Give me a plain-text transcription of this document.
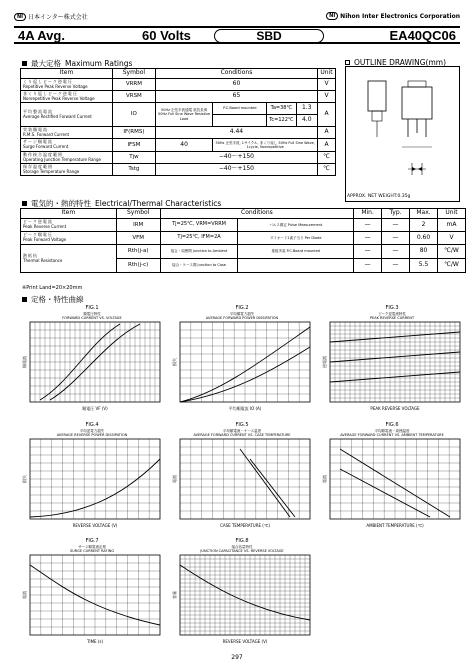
NI 日本インター株式会社	NI Nihon Inter Electronics Corporation
4A Avg.	60 Volts	SBD	EA40QC06
最大定格 Maximum Ratings	OUTLINE DRAWING(mm)
Item	Symbol	Conditions				Unit

くり返しピーク逆電圧
Repetitive Peak Reverse Voltage	VRRM	60				V

非くり返しピーク逆電圧
Nonrepetitive Peak Reverse Voltage	VRSM	65				V

平均整流電流
Average Rectified Forward Current	IO	50Hz 正弦半波通電 抵抗負荷 50Hz Full Sine Wave Resistive Load	P.C.Board mounted	Ta=38℃	1.3	A
				Tc=122℃	4.0	

実効順電流
R.M.S. Forward Current	IF(RMS)	4.44				A

サージ順電流
Surge Forward Current	IFSM	40	50Hz 正弦半波, 1サイクル, 非くり返し 50Hz Full Sine Wave, 1cycle, Nonrepetitive			A

動作接合温度範囲
Operating Junction Temperature Range	Tjw	−40～+150				℃

保存温度範囲
Storage Temperature Range	Tstg	−40～+150				℃
APPROX. NET WEIGHT:0.35g
電気的・熱的特性 Electrical/Thermal Characteristics
Item	Symbol	Conditions		Min.	Typ.	Max.	Unit

ピーク逆電流
Peak Reverse Current	IRM	Tj=25℃, VRM=VRRM	パルス測定 Pulse Measurement	—	—	2	mA

ピーク順電圧
Peak Forward Voltage	VFM	Tj=25℃, IFM=2A	ダイオード1素子当り Per Diode	—	—	0.60	V

熱抵抗
Thermal Resistance	Rth(j-a)	接合・周囲間 Junction to Ambient	基板実装 P.C.Board mounted	—	—	80	℃/W
	Rth(j-c)	接合・ケース間 Junction to Case		—	—	5.5	℃/W
※Print Land=20×20mm
定格・特性曲線
FIG.1
順電圧特性
FORWARD CURRENT VS. VOLTAGE
順電圧 VF (V)
順電流
FIG.2
平均順電力損失
AVERAGE FORWARD POWER DISSIPATION
平均順電流 IO (A)
損失
FIG.3
ピーク逆電流特性
PEAK REVERSE CURRENT
PEAK REVERSE VOLTAGE
逆電流
FIG.4
平均逆電力損失
AVERAGE REVERSE POWER DISSIPATION
REVERSE VOLTAGE (V)
損失
FIG.5
平均順電流－ケース温度
AVERAGE FORWARD CURRENT VS. CASE TEMPERATURE
CASE TEMPERATURE (℃)
電流
FIG.6
平均順電流－周囲温度
AVERAGE FORWARD CURRENT VS. AMBIENT TEMPERATURE
AMBIENT TEMPERATURE (℃)
電流
FIG.7
サージ順電流定格
SURGE CURRENT RATING
TIME (s)
電流
FIG.8
接合容量特性
JUNCTION CAPACITANCE VS. REVERSE VOLTAGE
REVERSE VOLTAGE (V)
容量
297
